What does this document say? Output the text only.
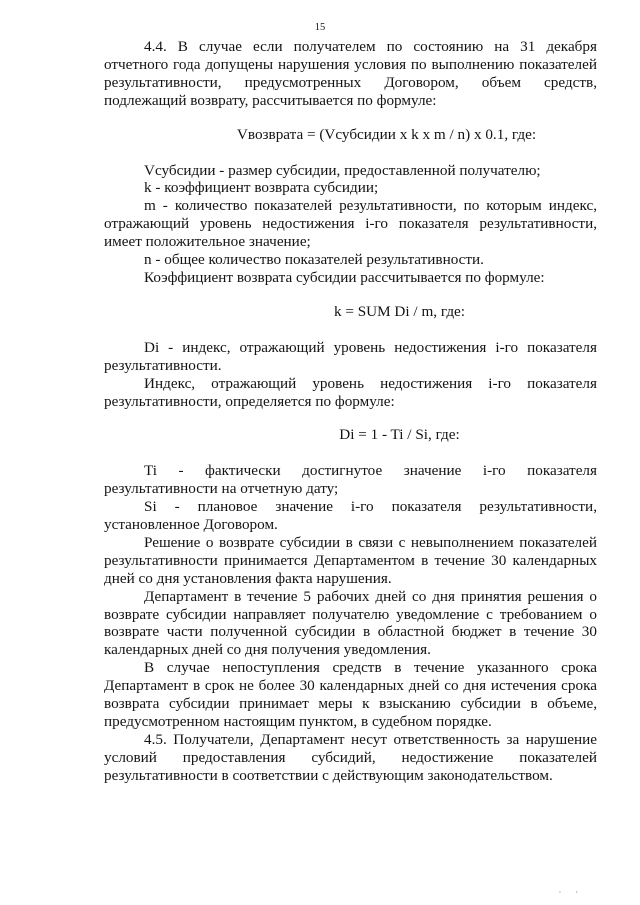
15

4.4. В случае если получателем по состоянию на 31 декабря отчетного года допущены нарушения условия по выполнению показателей результативности, предусмотренных Договором, объем средств, подлежащий возврату, рассчитывается по формуле:

Vвозврата = (Vсубсидии x k x m / n) x 0.1, где:

Vсубсидии - размер субсидии, предоставленной получателю;

k - коэффициент возврата субсидии;

m - количество показателей результативности, по которым индекс, отражающий уровень недостижения i-го показателя результативности, имеет положительное значение;

n - общее количество показателей результативности.

Коэффициент возврата субсидии рассчитывается по формуле:

k = SUM Di / m, где:

Di - индекс, отражающий уровень недостижения i-го показателя результативности.

Индекс, отражающий уровень недостижения i-го показателя результативности, определяется по формуле:

Di = 1 - Ti / Si, где:

Ti - фактически достигнутое значение i-го показателя результативности на отчетную дату;

Si - плановое значение i-го показателя результативности, установленное Договором.

Решение о возврате субсидии в связи с невыполнением показателей результативности принимается Департаментом в течение 30 календарных дней со дня установления факта нарушения.

Департамент в течение 5 рабочих дней со дня принятия решения о возврате субсидии направляет получателю уведомление с требованием о возврате части полученной субсидии в областной бюджет в течение 30 календарных дней со дня получения уведомления.

В случае непоступления средств в течение указанного срока Департамент в срок не более 30 календарных дней со дня истечения срока возврата субсидии принимает меры к взысканию субсидии в объеме, предусмотренном настоящим пунктом, в судебном порядке.

4.5. Получатели, Департамент несут ответственность за нарушение условий предоставления субсидий, недостижение показателей результативности в соответствии с действующим законодательством.

· ·
